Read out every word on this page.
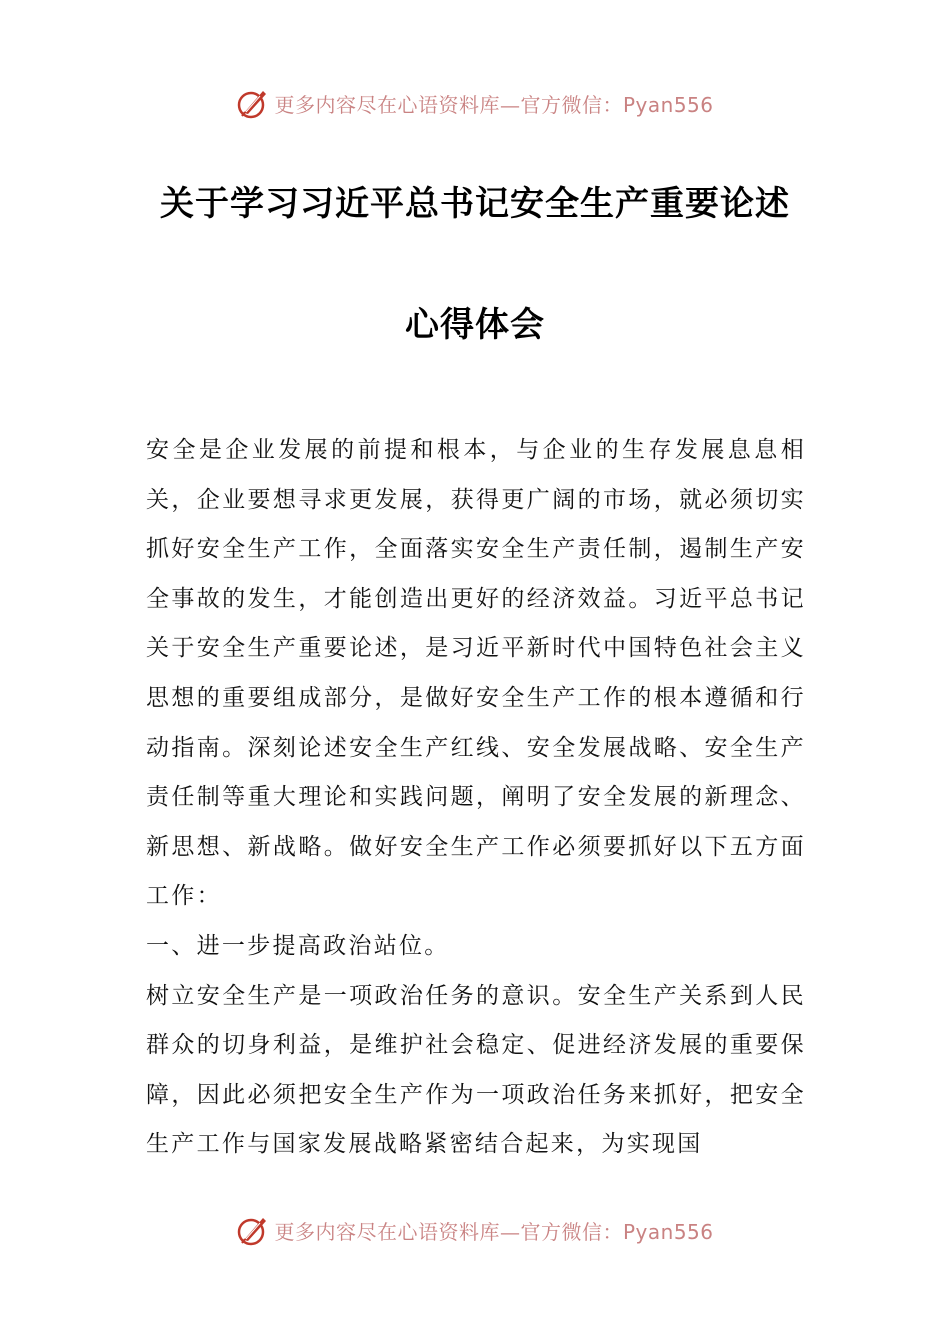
更多内容尽在心语资料库—官方微信：Pyan556
关于学习习近平总书记安全生产重要论述
心得体会

安全是企业发展的前提和根本，与企业的生存发展息息相关，企业要想寻求更发展，获得更广阔的市场，就必须切实抓好安全生产工作，全面落实安全生产责任制，遏制生产安全事故的发生，才能创造出更好的经济效益。习近平总书记关于安全生产重要论述，是习近平新时代中国特色社会主义思想的重要组成部分，是做好安全生产工作的根本遵循和行动指南。深刻论述安全生产红线、安全发展战略、安全生产责任制等重大理论和实践问题，阐明了安全发展的新理念、新思想、新战略。做好安全生产工作必须要抓好以下五方面工作：

一、进一步提高政治站位。

树立安全生产是一项政治任务的意识。安全生产关系到人民群众的切身利益，是维护社会稳定、促进经济发展的重要保障，因此必须把安全生产作为一项政治任务来抓好，把安全生产工作与国家发展战略紧密结合起来，为实现国

更多内容尽在心语资料库—官方微信：Pyan556
